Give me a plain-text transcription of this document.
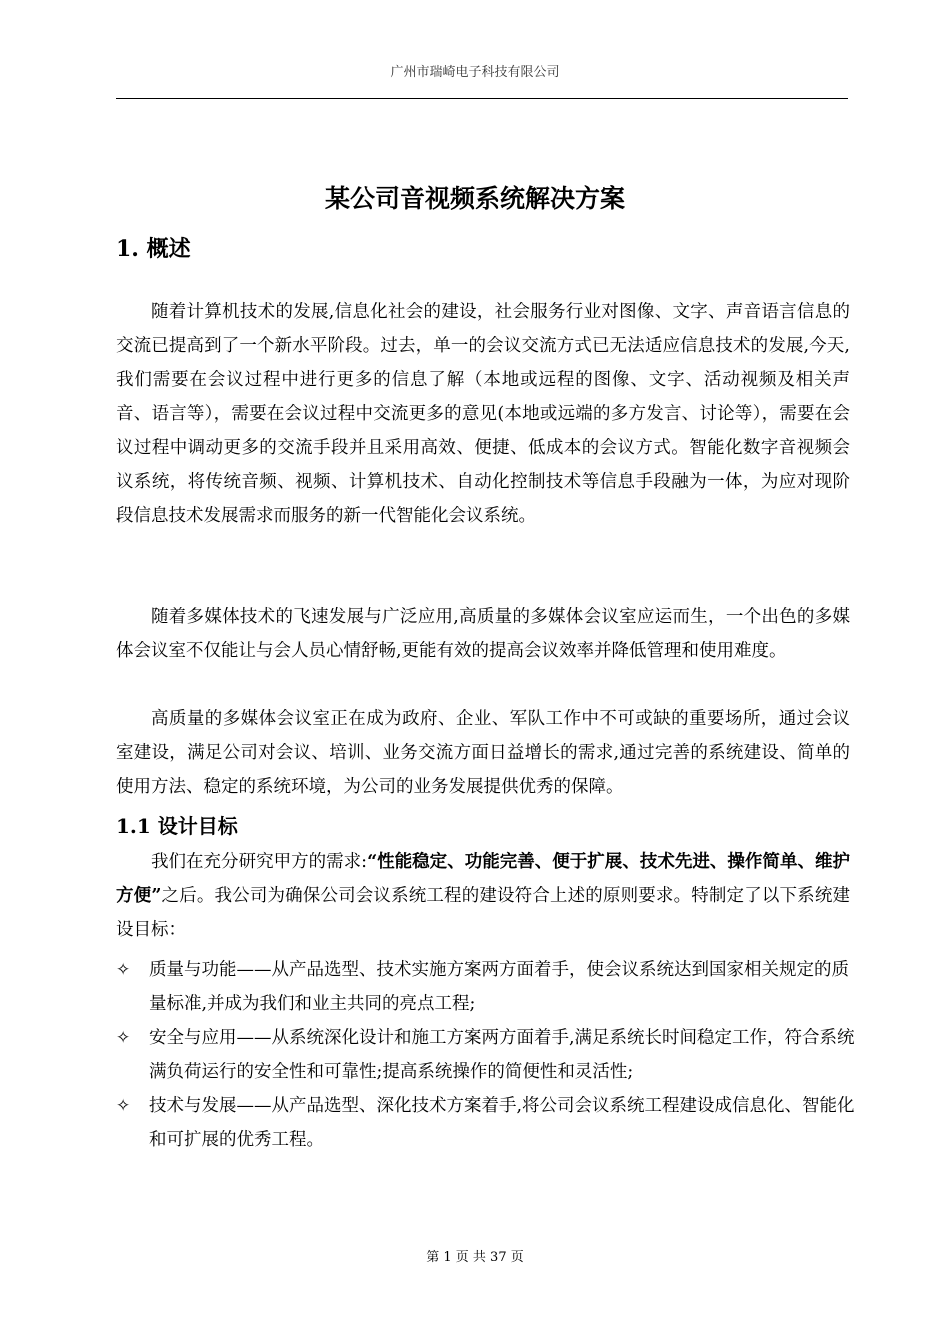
广州市瑞崎电子科技有限公司
某公司音视频系统解决方案
1. 概述

随着计算机技术的发展,信息化社会的建设，社会服务行业对图像、文字、声音语言信息的交流已提高到了一个新水平阶段。过去，单一的会议交流方式已无法适应信息技术的发展,今天,我们需要在会议过程中进行更多的信息了解（本地或远程的图像、文字、活动视频及相关声音、语言等），需要在会议过程中交流更多的意见(本地或远端的多方发言、讨论等），需要在会议过程中调动更多的交流手段并且采用高效、便捷、低成本的会议方式。智能化数字音视频会议系统，将传统音频、视频、计算机技术、自动化控制技术等信息手段融为一体，为应对现阶段信息技术发展需求而服务的新一代智能化会议系统。

随着多媒体技术的飞速发展与广泛应用,高质量的多媒体会议室应运而生，一个出色的多媒体会议室不仅能让与会人员心情舒畅,更能有效的提高会议效率并降低管理和使用难度。

高质量的多媒体会议室正在成为政府、企业、军队工作中不可或缺的重要场所，通过会议室建设，满足公司对会议、培训、业务交流方面日益增长的需求,通过完善的系统建设、简单的使用方法、稳定的系统环境，为公司的业务发展提供优秀的保障。

1.1 设计目标

我们在充分研究甲方的需求:“性能稳定、功能完善、便于扩展、技术先进、操作简单、维护方便”之后。我公司为确保公司会议系统工程的建设符合上述的原则要求。特制定了以下系统建设目标：

✧ 质量与功能——从产品选型、技术实施方案两方面着手，使会议系统达到国家相关规定的质量标准,并成为我们和业主共同的亮点工程;
✧ 安全与应用——从系统深化设计和施工方案两方面着手,满足系统长时间稳定工作，符合系统满负荷运行的安全性和可靠性;提高系统操作的简便性和灵活性;
✧ 技术与发展——从产品选型、深化技术方案着手,将公司会议系统工程建设成信息化、智能化和可扩展的优秀工程。
第 1 页 共 37 页
